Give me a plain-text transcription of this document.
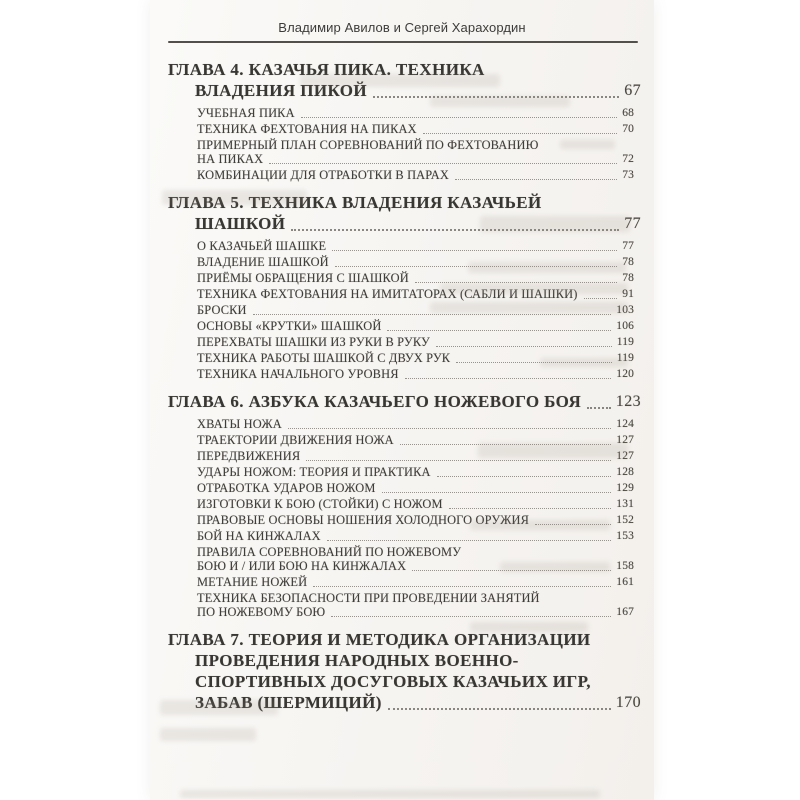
Владимир Авилов и Сергей Харахордин
ГЛАВА 4. КАЗАЧЬЯ ПИКА. ТЕХНИКА
ВЛАДЕНИЯ ПИКОЙ	67
УЧЕБНАЯ ПИКА	68
ТЕХНИКА ФЕХТОВАНИЯ НА ПИКАХ	70
ПРИМЕРНЫЙ ПЛАН СОРЕВНОВАНИЙ ПО ФЕХТОВАНИЮ
НА ПИКАХ	72
КОМБИНАЦИИ ДЛЯ ОТРАБОТКИ В ПАРАХ	73
ГЛАВА 5. ТЕХНИКА ВЛАДЕНИЯ КАЗАЧЬЕЙ
ШАШКОЙ	77
О КАЗАЧЬЕЙ ШАШКЕ	77
ВЛАДЕНИЕ ШАШКОЙ	78
ПРИЁМЫ ОБРАЩЕНИЯ С ШАШКОЙ	78
ТЕХНИКА ФЕХТОВАНИЯ НА ИМИТАТОРАХ (САБЛИ И ШАШКИ)	91
БРОСКИ	103
ОСНОВЫ «КРУТКИ» ШАШКОЙ	106
ПЕРЕХВАТЫ ШАШКИ ИЗ РУКИ В РУКУ	119
ТЕХНИКА РАБОТЫ ШАШКОЙ С ДВУХ РУК	119
ТЕХНИКА НАЧАЛЬНОГО УРОВНЯ	120
ГЛАВА 6. АЗБУКА КАЗАЧЬЕГО НОЖЕВОГО БОЯ 123
ХВАТЫ НОЖА	124
ТРАЕКТОРИИ ДВИЖЕНИЯ НОЖА	127
ПЕРЕДВИЖЕНИЯ	127
УДАРЫ НОЖОМ: ТЕОРИЯ И ПРАКТИКА	128
ОТРАБОТКА УДАРОВ НОЖОМ	129
ИЗГОТОВКИ К БОЮ (СТОЙКИ) С НОЖОМ	131
ПРАВОВЫЕ ОСНОВЫ НОШЕНИЯ ХОЛОДНОГО ОРУЖИЯ	152
БОЙ НА КИНЖАЛАХ	153
ПРАВИЛА СОРЕВНОВАНИЙ ПО НОЖЕВОМУ
БОЮ И / ИЛИ БОЮ НА КИНЖАЛАХ	158
МЕТАНИЕ НОЖЕЙ	161
ТЕХНИКА БЕЗОПАСНОСТИ ПРИ ПРОВЕДЕНИИ ЗАНЯТИЙ
ПО НОЖЕВОМУ БОЮ	167
ГЛАВА 7. ТЕОРИЯ И МЕТОДИКА ОРГАНИЗАЦИИ
ПРОВЕДЕНИЯ НАРОДНЫХ ВОЕННО-
СПОРТИВНЫХ ДОСУГОВЫХ КАЗАЧЬИХ ИГР,
ЗАБАВ (ШЕРМИЦИЙ)	170
